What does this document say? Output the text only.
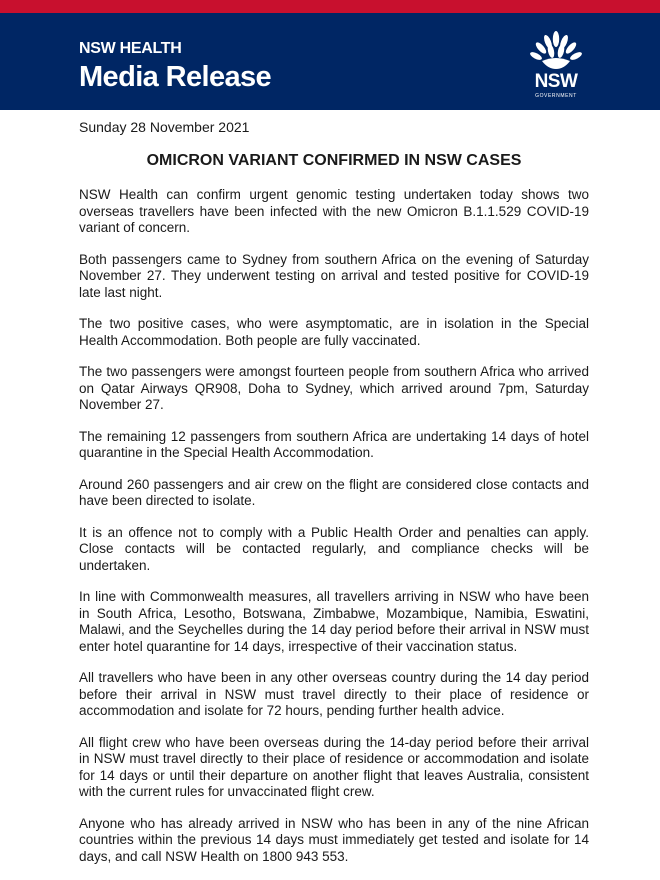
NSW HEALTH
Media Release	NSW
GOVERNMENT
Sunday 28 November 2021
OMICRON VARIANT CONFIRMED IN NSW CASES

NSW Health can confirm urgent genomic testing undertaken today shows two overseas travellers have been infected with the new Omicron B.1.1.529 COVID-19 variant of concern.

Both passengers came to Sydney from southern Africa on the evening of Saturday November 27. They underwent testing on arrival and tested positive for COVID-19 late last night.

The two positive cases, who were asymptomatic, are in isolation in the Special Health Accommodation. Both people are fully vaccinated.

The two passengers were amongst fourteen people from southern Africa who arrived on Qatar Airways QR908, Doha to Sydney, which arrived around 7pm, Saturday November 27.

The remaining 12 passengers from southern Africa are undertaking 14 days of hotel quarantine in the Special Health Accommodation.

Around 260 passengers and air crew on the flight are considered close contacts and have been directed to isolate.

It is an offence not to comply with a Public Health Order and penalties can apply. Close contacts will be contacted regularly, and compliance checks will be undertaken.

In line with Commonwealth measures, all travellers arriving in NSW who have been in South Africa, Lesotho, Botswana, Zimbabwe, Mozambique, Namibia, Eswatini, Malawi, and the Seychelles during the 14 day period before their arrival in NSW must enter hotel quarantine for 14 days, irrespective of their vaccination status.

All travellers who have been in any other overseas country during the 14 day period before their arrival in NSW must travel directly to their place of residence or accommodation and isolate for 72 hours, pending further health advice.

All flight crew who have been overseas during the 14-day period before their arrival in NSW must travel directly to their place of residence or accommodation and isolate for 14 days or until their departure on another flight that leaves Australia, consistent with the current rules for unvaccinated flight crew.

Anyone who has already arrived in NSW who has been in any of the nine African countries within the previous 14 days must immediately get tested and isolate for 14 days, and call NSW Health on 1800 943 553.
